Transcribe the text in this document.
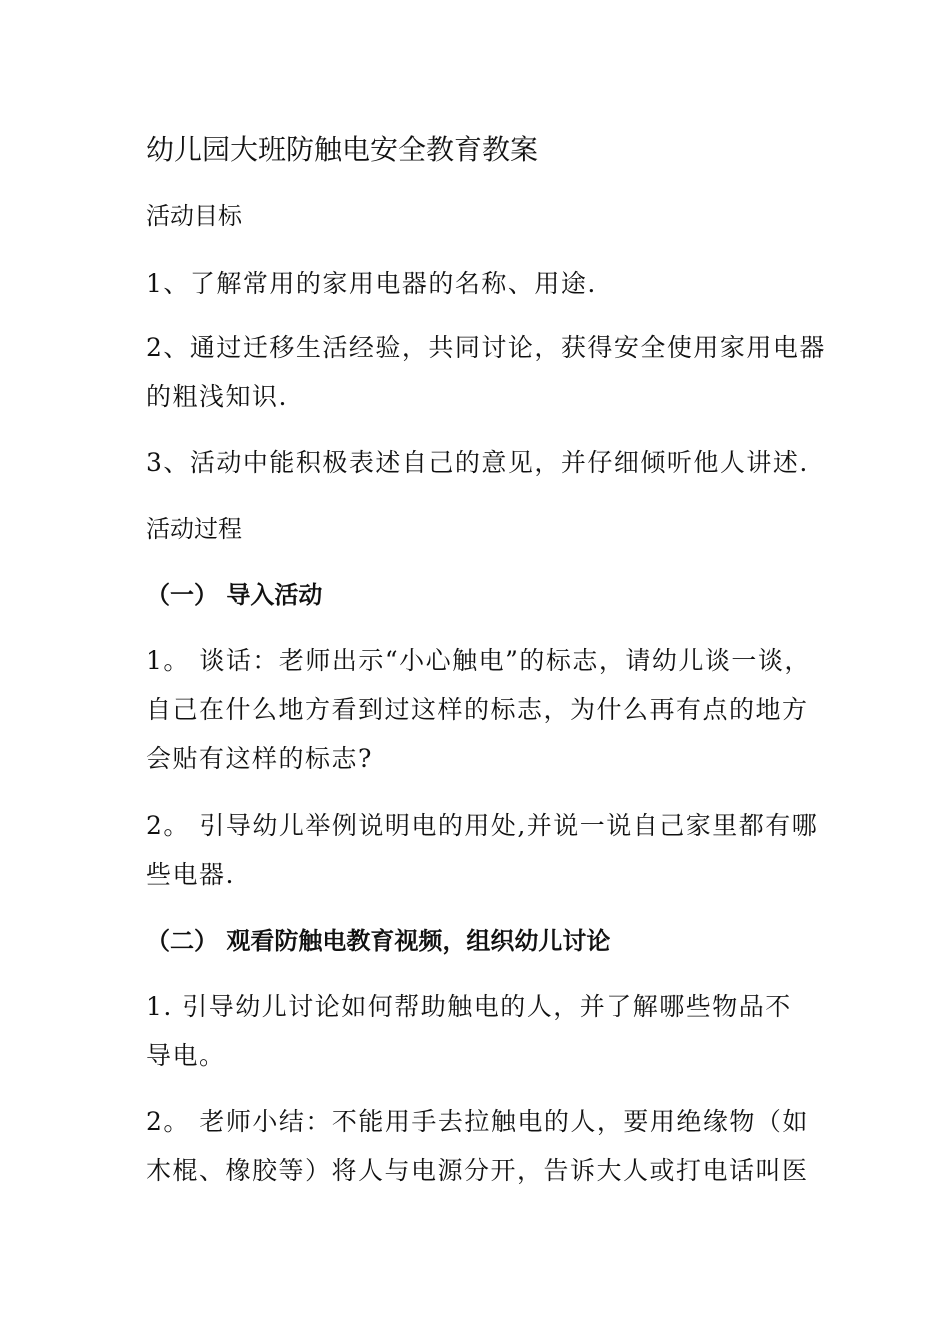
幼儿园大班防触电安全教育教案
活动目标
1、了解常用的家用电器的名称、用途.
2、通过迁移生活经验，共同讨论，获得安全使用家用电器
的粗浅知识.
3、活动中能积极表述自己的意见，并仔细倾听他人讲述.
活动过程
（一） 导入活动
1。 谈话：老师出示“小心触电”的标志，请幼儿谈一谈，
自己在什么地方看到过这样的标志，为什么再有点的地方
会贴有这样的标志?
2。 引导幼儿举例说明电的用处,并说一说自己家里都有哪
些电器.
（二） 观看防触电教育视频，组织幼儿讨论
1. 引导幼儿讨论如何帮助触电的人，并了解哪些物品不
导电。
2。 老师小结：不能用手去拉触电的人，要用绝缘物（如
木棍、橡胶等）将人与电源分开，告诉大人或打电话叫医
